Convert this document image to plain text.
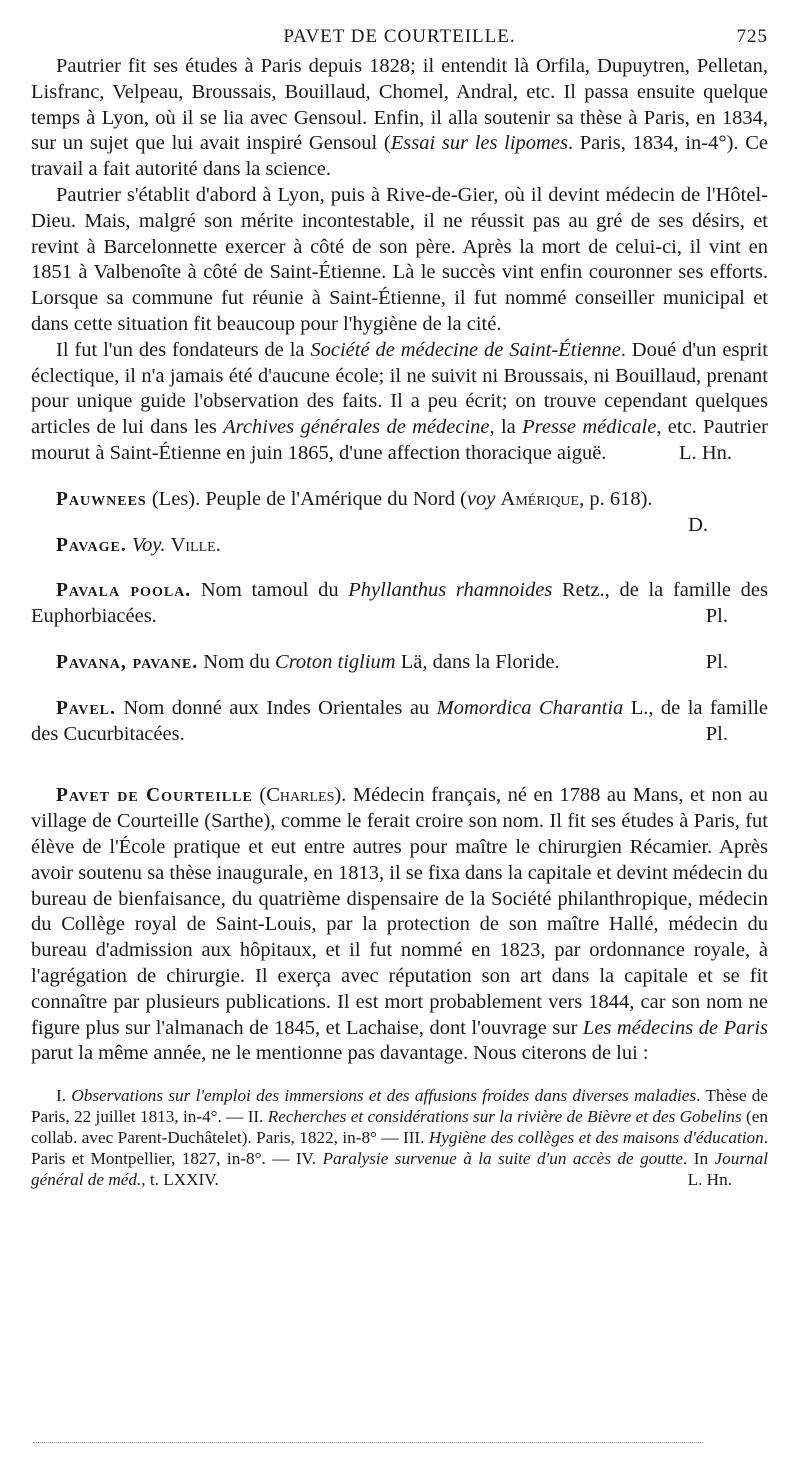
PAVET DE COURTEILLE.	725

Pautrier fit ses études à Paris depuis 1828; il entendit là Orfila, Dupuytren, Pelletan, Lisfranc, Velpeau, Broussais, Bouillaud, Chomel, Andral, etc. Il passa ensuite quelque temps à Lyon, où il se lia avec Gensoul. Enfin, il alla soutenir sa thèse à Paris, en 1834, sur un sujet que lui avait inspiré Gensoul (Essai sur les lipomes. Paris, 1834, in-4°). Ce travail a fait autorité dans la science.

Pautrier s'établit d'abord à Lyon, puis à Rive-de-Gier, où il devint médecin de l'Hôtel-Dieu. Mais, malgré son mérite incontestable, il ne réussit pas au gré de ses désirs, et revint à Barcelonnette exercer à côté de son père. Après la mort de celui-ci, il vint en 1851 à Valbenoîte à côté de Saint-Étienne. Là le succès vint enfin couronner ses efforts. Lorsque sa commune fut réunie à Saint-Étienne, il fut nommé conseiller municipal et dans cette situation fit beaucoup pour l'hygiène de la cité.

Il fut l'un des fondateurs de la Société de médecine de Saint-Étienne. Doué d'un esprit éclectique, il n'a jamais été d'aucune école; il ne suivit ni Broussais, ni Bouillaud, prenant pour unique guide l'observation des faits. Il a peu écrit; on trouve cependant quelques articles de lui dans les Archives générales de médecine, la Presse médicale, etc. Pautrier mourut à Saint-Étienne en juin 1865, d'une affection thoracique aiguë.	L. Hn.

Pauwnees (Les). Peuple de l'Amérique du Nord (voy Amérique, p. 618).

D.

Pavage. Voy. Ville.

Pavala poola. Nom tamoul du Phyllanthus rhamnoides Retz., de la famille des Euphorbiacées.	Pl.

Pavana, pavane. Nom du Croton tiglium Lä, dans la Floride.	Pl.

Pavel. Nom donné aux Indes Orientales au Momordica Charantia L., de la famille des Cucurbitacées.	Pl.

Pavet de Courteille (Charles). Médecin français, né en 1788 au Mans, et non au village de Courteille (Sarthe), comme le ferait croire son nom. Il fit ses études à Paris, fut élève de l'École pratique et eut entre autres pour maître le chirurgien Récamier. Après avoir soutenu sa thèse inaugurale, en 1813, il se fixa dans la capitale et devint médecin du bureau de bienfaisance, du quatrième dispensaire de la Société philanthropique, médecin du Collège royal de Saint-Louis, par la protection de son maître Hallé, médecin du bureau d'admission aux hôpitaux, et il fut nommé en 1823, par ordonnance royale, à l'agrégation de chirurgie. Il exerça avec réputation son art dans la capitale et se fit connaître par plusieurs publications. Il est mort probablement vers 1844, car son nom ne figure plus sur l'almanach de 1845, et Lachaise, dont l'ouvrage sur Les médecins de Paris parut la même année, ne le mentionne pas davantage. Nous citerons de lui :

I. Observations sur l'emploi des immersions et des affusions froides dans diverses maladies. Thèse de Paris, 22 juillet 1813, in-4°. — II. Recherches et considérations sur la rivière de Bièvre et des Gobelins (en collab. avec Parent-Duchâtelet). Paris, 1822, in-8° — III. Hygiène des collèges et des maisons d'éducation. Paris et Montpellier, 1827, in-8°. — IV. Paralysie survenue à la suite d'un accès de goutte. In Journal général de méd., t. LXXIV.	L. Hn.
